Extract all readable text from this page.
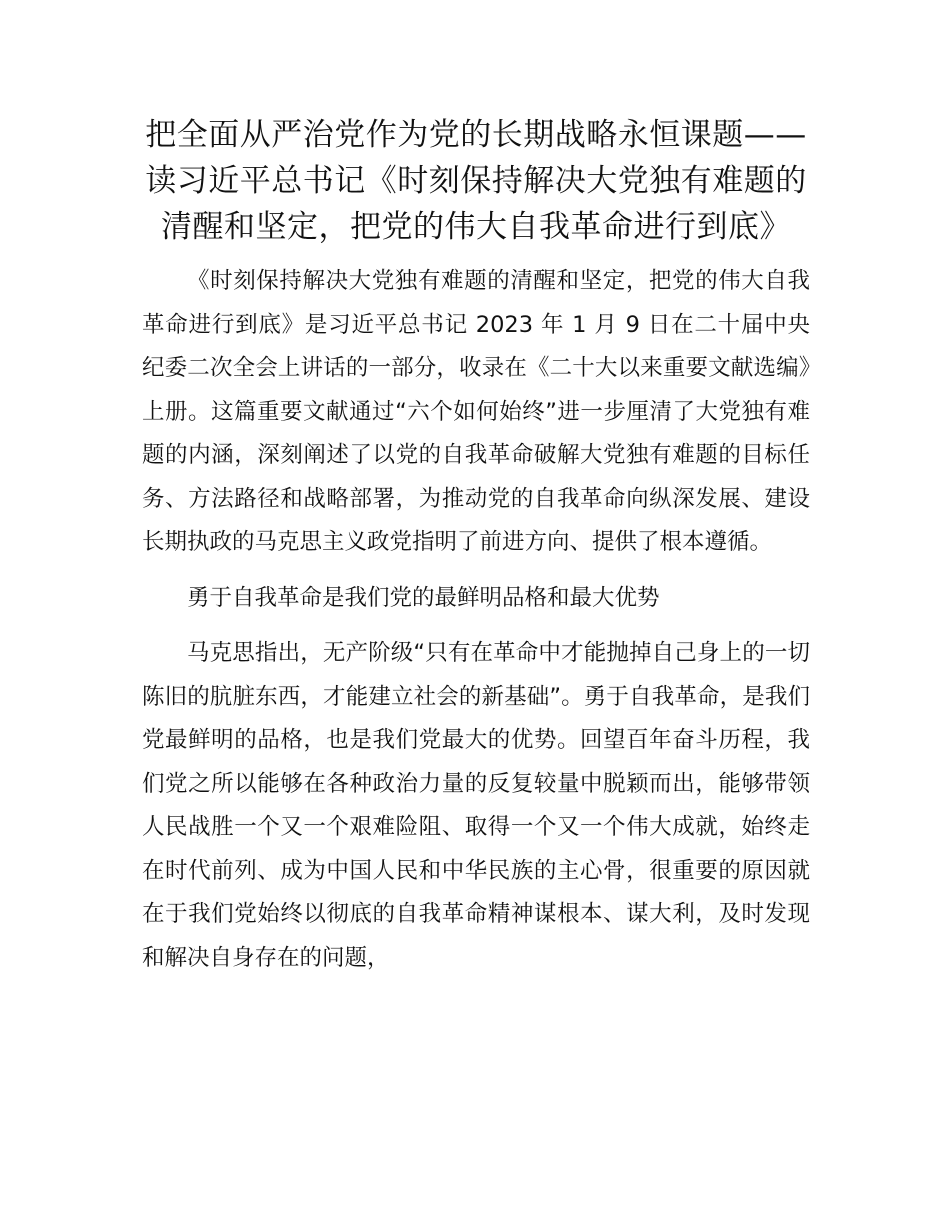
把全面从严治党作为党的长期战略永恒课题——读习近平总书记《时刻保持解决大党独有难题的清醒和坚定，把党的伟大自我革命进行到底》

《时刻保持解决大党独有难题的清醒和坚定，把党的伟大自我革命进行到底》是习近平总书记 2023 年 1 月 9 日在二十届中央纪委二次全会上讲话的一部分，收录在《二十大以来重要文献选编》上册。这篇重要文献通过“六个如何始终”进一步厘清了大党独有难题的内涵，深刻阐述了以党的自我革命破解大党独有难题的目标任务、方法路径和战略部署，为推动党的自我革命向纵深发展、建设长期执政的马克思主义政党指明了前进方向、提供了根本遵循。

勇于自我革命是我们党的最鲜明品格和最大优势

马克思指出，无产阶级“只有在革命中才能抛掉自己身上的一切陈旧的肮脏东西，才能建立社会的新基础”。勇于自我革命，是我们党最鲜明的品格，也是我们党最大的优势。回望百年奋斗历程，我们党之所以能够在各种政治力量的反复较量中脱颖而出，能够带领人民战胜一个又一个艰难险阻、取得一个又一个伟大成就，始终走在时代前列、成为中国人民和中华民族的主心骨，很重要的原因就在于我们党始终以彻底的自我革命精神谋根本、谋大利，及时发现和解决自身存在的问题，
